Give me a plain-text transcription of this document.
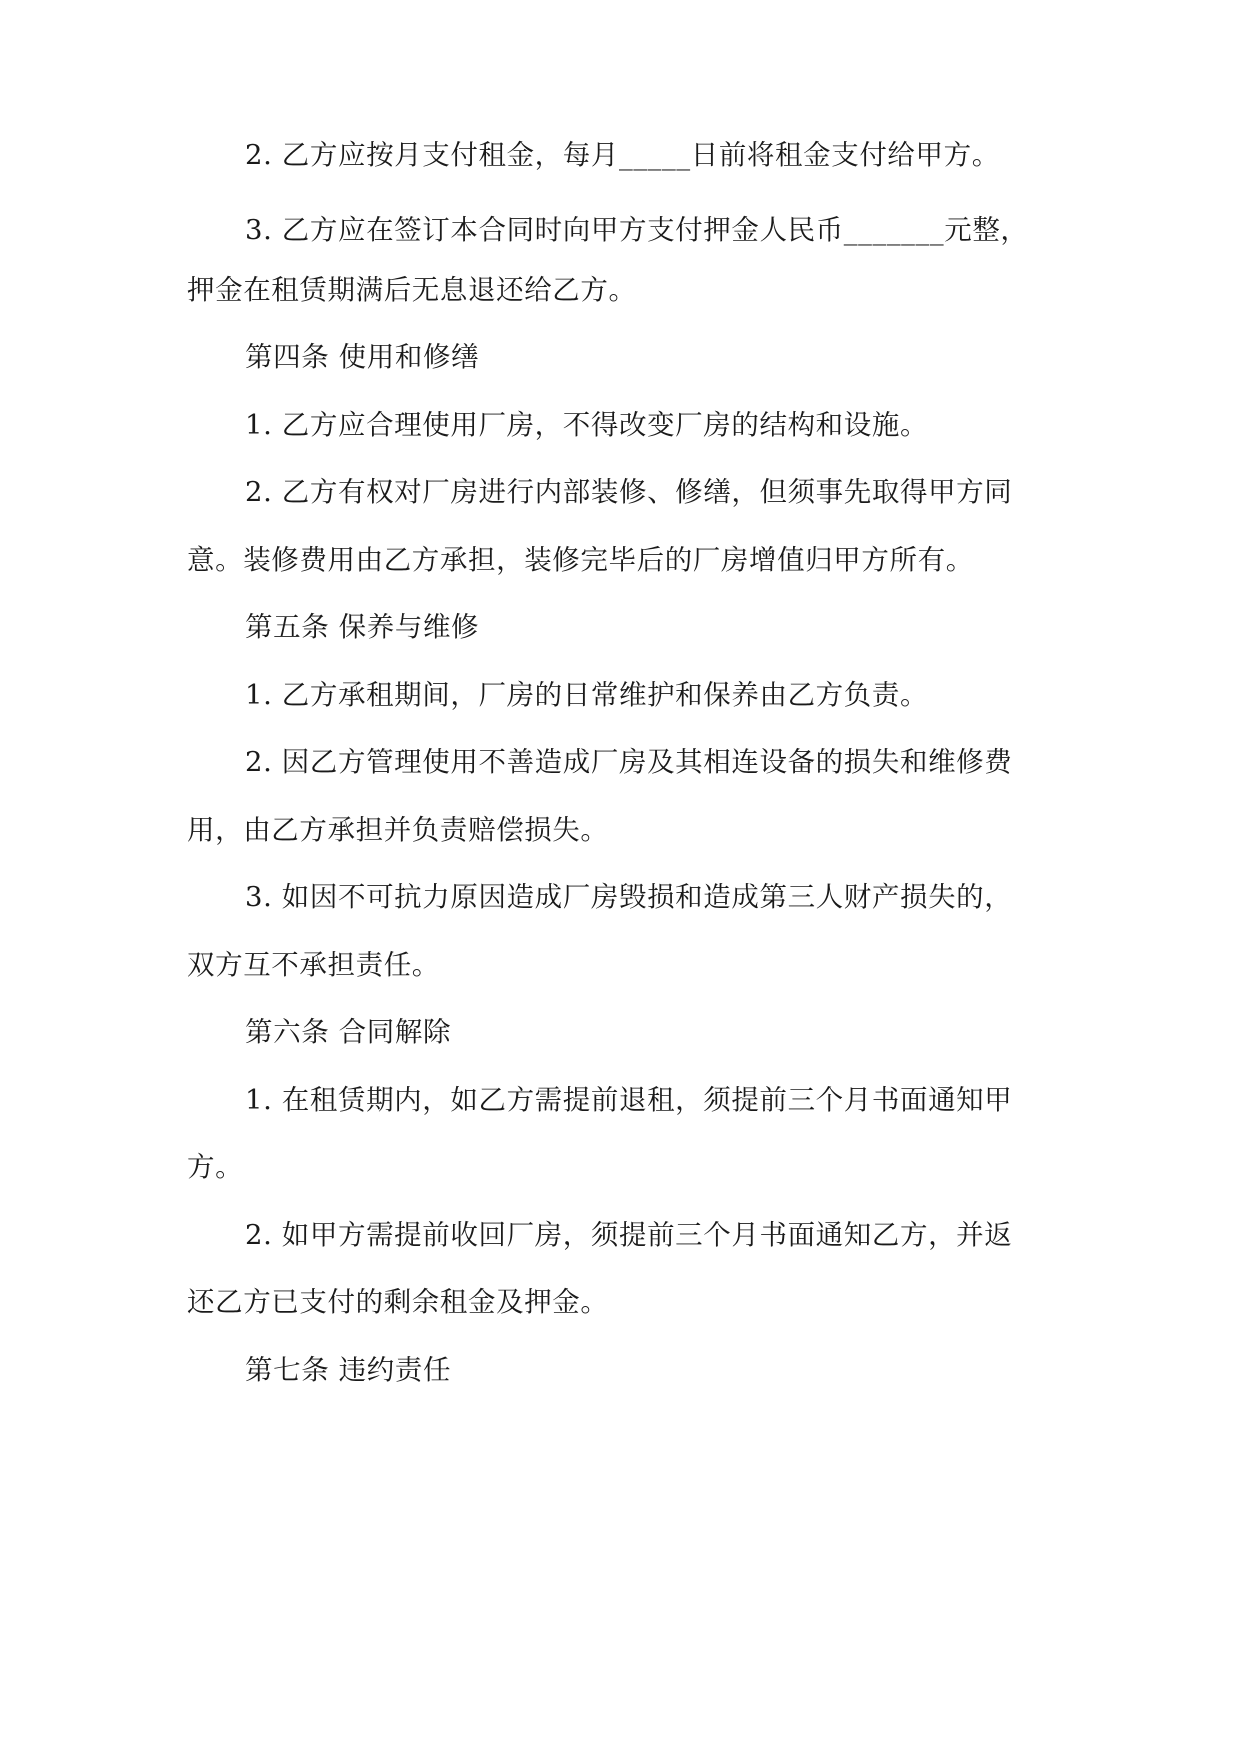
2. 乙方应按月支付租金，每月_____日前将租金支付给甲方。
3. 乙方应在签订本合同时向甲方支付押金人民币_______元整，
押金在租赁期满后无息退还给乙方。
第四条 使用和修缮
1. 乙方应合理使用厂房，不得改变厂房的结构和设施。
2. 乙方有权对厂房进行内部装修、修缮，但须事先取得甲方同
意。装修费用由乙方承担，装修完毕后的厂房增值归甲方所有。
第五条 保养与维修
1. 乙方承租期间，厂房的日常维护和保养由乙方负责。
2. 因乙方管理使用不善造成厂房及其相连设备的损失和维修费
用，由乙方承担并负责赔偿损失。
3. 如因不可抗力原因造成厂房毁损和造成第三人财产损失的，
双方互不承担责任。
第六条 合同解除
1. 在租赁期内，如乙方需提前退租，须提前三个月书面通知甲
方。
2. 如甲方需提前收回厂房，须提前三个月书面通知乙方，并返
还乙方已支付的剩余租金及押金。
第七条 违约责任
